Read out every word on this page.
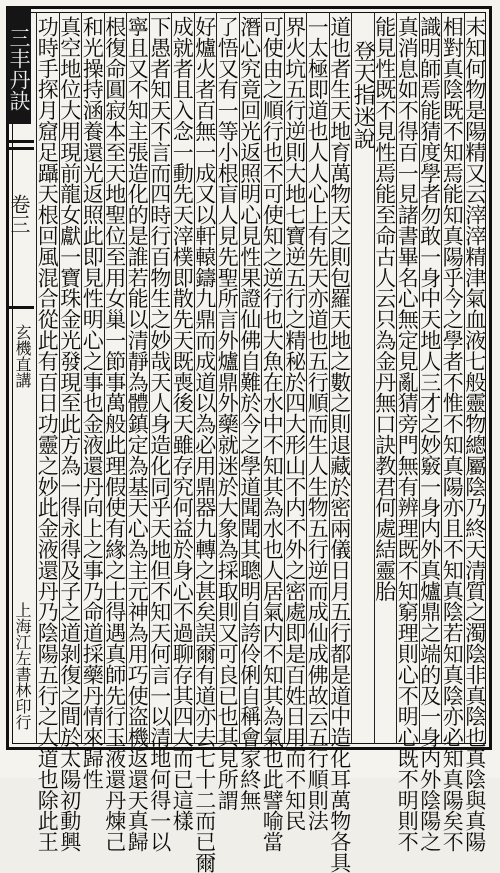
三丰丹訣
卷三
玄機直講
上海江左書林印行	末知何物是陽精又云滓滓精津氣血液七般靈物總屬陰乃終天清質之濁陰非真陰也真陰與真陽
相對真陰既不知焉能知真陽乎今之學者不惟不知真陽亦且不知真陰若知真陰亦必知真陽矣不
識明師焉能猜度學者勿敢一身中天地人三才之妙竅一身内外真爐鼎之端的及一身内外陰陽之
真消息如不得百一見諸書畢名心無定見亂猜旁門無有辨理既不知窮理則心不明心既不明則不
能見性既不見性焉能至命古人云只為金丹無口訣教君何處結靈胎
登天指迷說
道也者生天地育萬物天之則包羅天地之數之則退藏於密兩儀日月五行都是道中造化耳萬物各具
一太極即道也人人心上有先天亦道也五行順而生人生物五行逆而成仙成佛故云五行順則法
界火坑五行逆則大地七寶逆五行之精秘於四大形山不内不外之密處即是百姓日用而不知民
可使由之順行也不可使知之逆行也大魚在水中不知其為水也人居氣内不知其為氣也此譬喻當
潛心究竟回光返照明心見性果證仙佛自難於今之學道聞聞其聰明自誇伶俐自稱會家終無
了悟又有一等小根盲人見先聖所言外爐鼎外藥就迷於大象為採取則又可良已也其見所謂
好爐火者百無一成又以軒轅鑄九鼎而成道以為必用鼎器九轉之甚矣誤爾有道亦去七十二而已爾
成就者且入念一動先天滓樸即散先天既喪後天雖存究何益於身心不過聊存其四大而已這樣
下愚者知天不言而四時行百物生之妙哉天人身造化同乎天地但不知天何言一以清地何得一以
寧且又不知主張造化的是誰若能以清靜為體鎮定為基天心為主元神為用巧使盗機返還天真歸
根復命圓寂本至天地聖位至用女巢一節事萬般此理假使有緣之士得遇真師先行玉液還丹煉己
和光操持涵養還光返照此即見性明心之事也金液還丹向上之事乃命道採藥丹情來歸性
真空地位大用現前龍女獻一寶珠金光發現至此方為一得永得及子之道剝復之間於太陽初動興
功時手探月窟足躡天根回風混合從此有百日功靈之妙此金液還丹乃陰陽五行之大道也除此王
